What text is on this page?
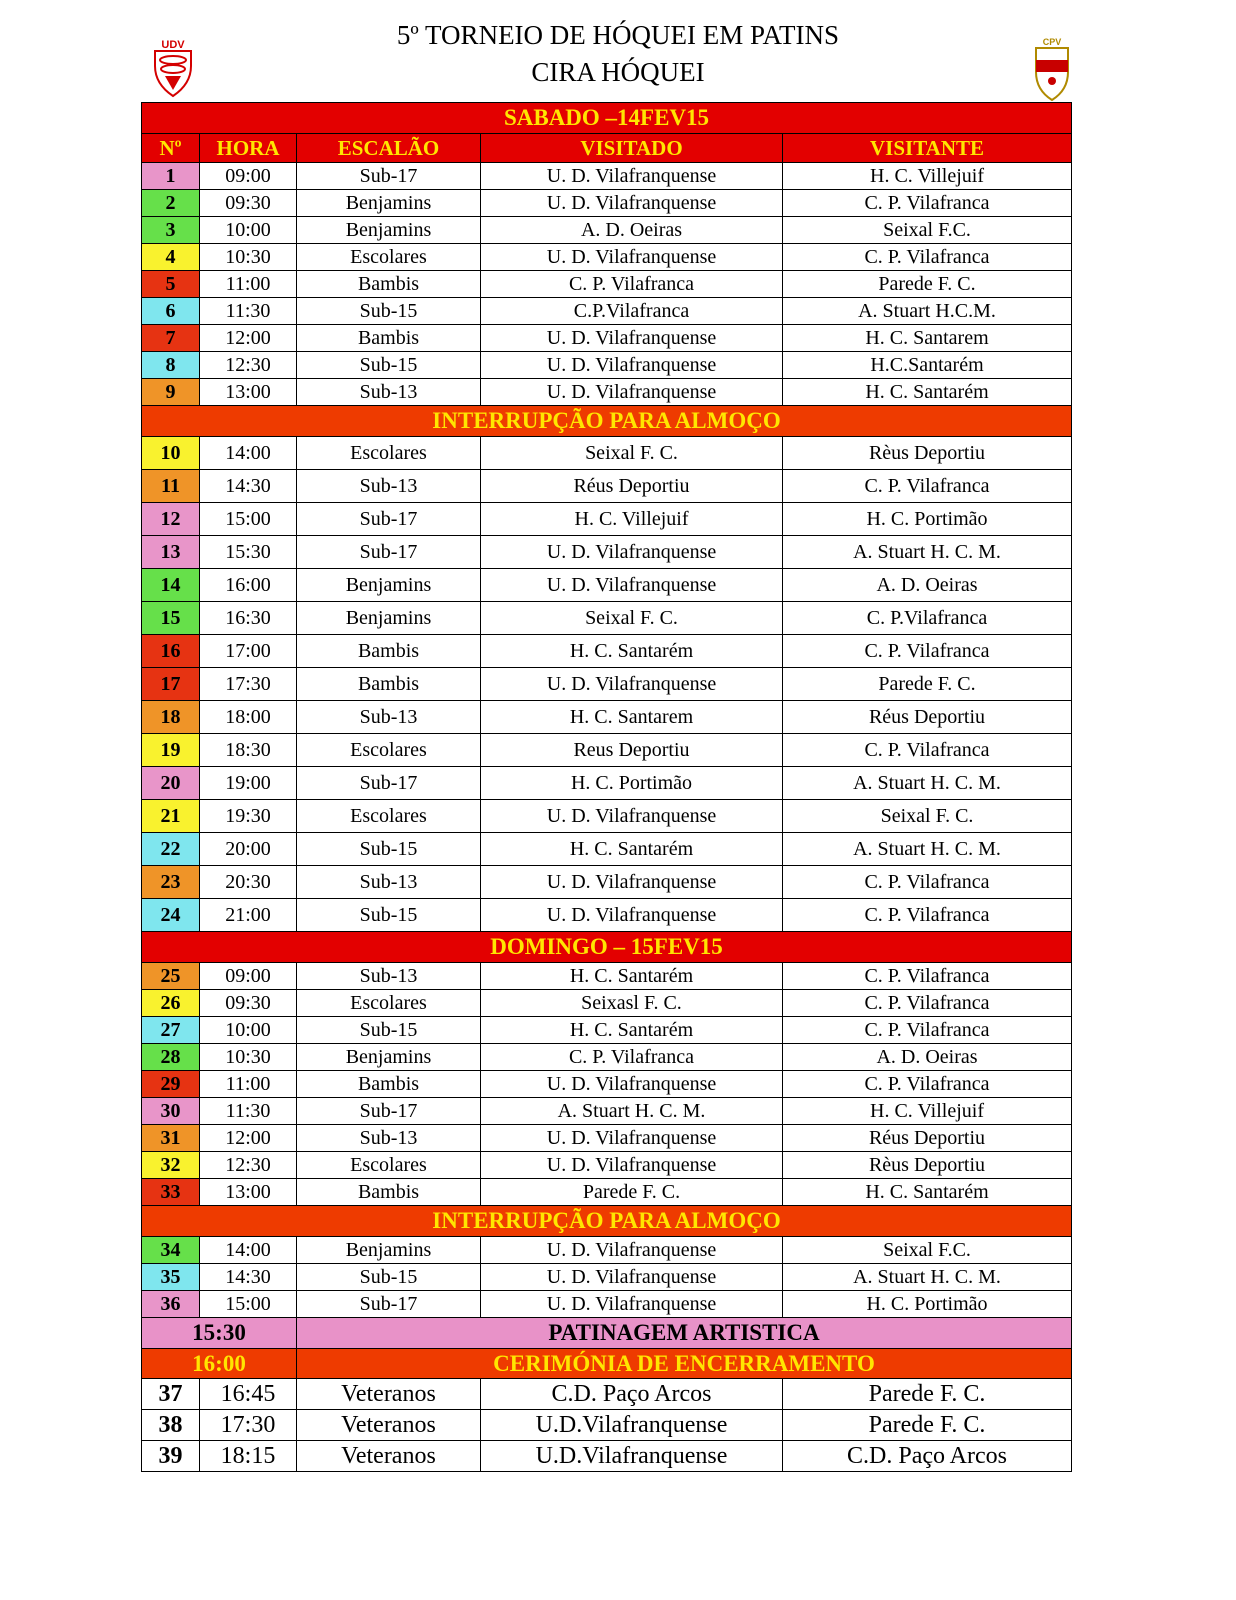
5º TORNEIO DE HÓQUEI EM PATINS
CIRA HÓQUEI
UDV	CPV
SABADO –14FEV15				
Nº	HORA	ESCALÃO	VISITADO	VISITANTE
1	09:00	Sub-17	U. D. Vilafranquense	H. C. Villejuif
2	09:30	Benjamins	U. D. Vilafranquense	C. P. Vilafranca
3	10:00	Benjamins	A. D. Oeiras	Seixal F.C.
4	10:30	Escolares	U. D. Vilafranquense	C. P. Vilafranca
5	11:00	Bambis	C. P. Vilafranca	Parede F. C.
6	11:30	Sub-15	C.P.Vilafranca	A. Stuart H.C.M.
7	12:00	Bambis	U. D. Vilafranquense	H. C. Santarem
8	12:30	Sub-15	U. D. Vilafranquense	H.C.Santarém
9	13:00	Sub-13	U. D. Vilafranquense	H. C. Santarém
INTERRUPÇÃO PARA ALMOÇO				
10	14:00	Escolares	Seixal F. C.	Rèus Deportiu
11	14:30	Sub-13	Réus Deportiu	C. P. Vilafranca
12	15:00	Sub-17	H. C. Villejuif	H. C. Portimão
13	15:30	Sub-17	U. D. Vilafranquense	A. Stuart H. C. M.
14	16:00	Benjamins	U. D. Vilafranquense	A. D. Oeiras
15	16:30	Benjamins	Seixal F. C.	C. P.Vilafranca
16	17:00	Bambis	H. C. Santarém	C. P. Vilafranca
17	17:30	Bambis	U. D. Vilafranquense	Parede F. C.
18	18:00	Sub-13	H. C. Santarem	Réus Deportiu
19	18:30	Escolares	Reus Deportiu	C. P. Vilafranca
20	19:00	Sub-17	H. C. Portimão	A. Stuart H. C. M.
21	19:30	Escolares	U. D. Vilafranquense	Seixal F. C.
22	20:00	Sub-15	H. C. Santarém	A. Stuart H. C. M.
23	20:30	Sub-13	U. D. Vilafranquense	C. P. Vilafranca
24	21:00	Sub-15	U. D. Vilafranquense	C. P. Vilafranca
DOMINGO – 15FEV15				
25	09:00	Sub-13	H. C. Santarém	C. P. Vilafranca
26	09:30	Escolares	Seixasl F. C.	C. P. Vilafranca
27	10:00	Sub-15	H. C. Santarém	C. P. Vilafranca
28	10:30	Benjamins	C. P. Vilafranca	A. D. Oeiras
29	11:00	Bambis	U. D. Vilafranquense	C. P. Vilafranca
30	11:30	Sub-17	A. Stuart H. C. M.	H. C. Villejuif
31	12:00	Sub-13	U. D. Vilafranquense	Réus Deportiu
32	12:30	Escolares	U. D. Vilafranquense	Rèus Deportiu
33	13:00	Bambis	Parede F. C.	H. C. Santarém
INTERRUPÇÃO PARA ALMOÇO				
34	14:00	Benjamins	U. D. Vilafranquense	Seixal F.C.
35	14:30	Sub-15	U. D. Vilafranquense	A. Stuart H. C. M.
36	15:00	Sub-17	U. D. Vilafranquense	H. C. Portimão
15:30		PATINAGEM ARTISTICA		
16:00		CERIMÓNIA DE ENCERRAMENTO		
37	16:45	Veteranos	C.D. Paço Arcos	Parede F. C.
38	17:30	Veteranos	U.D.Vilafranquense	Parede F. C.
39	18:15	Veteranos	U.D.Vilafranquense	C.D. Paço Arcos
